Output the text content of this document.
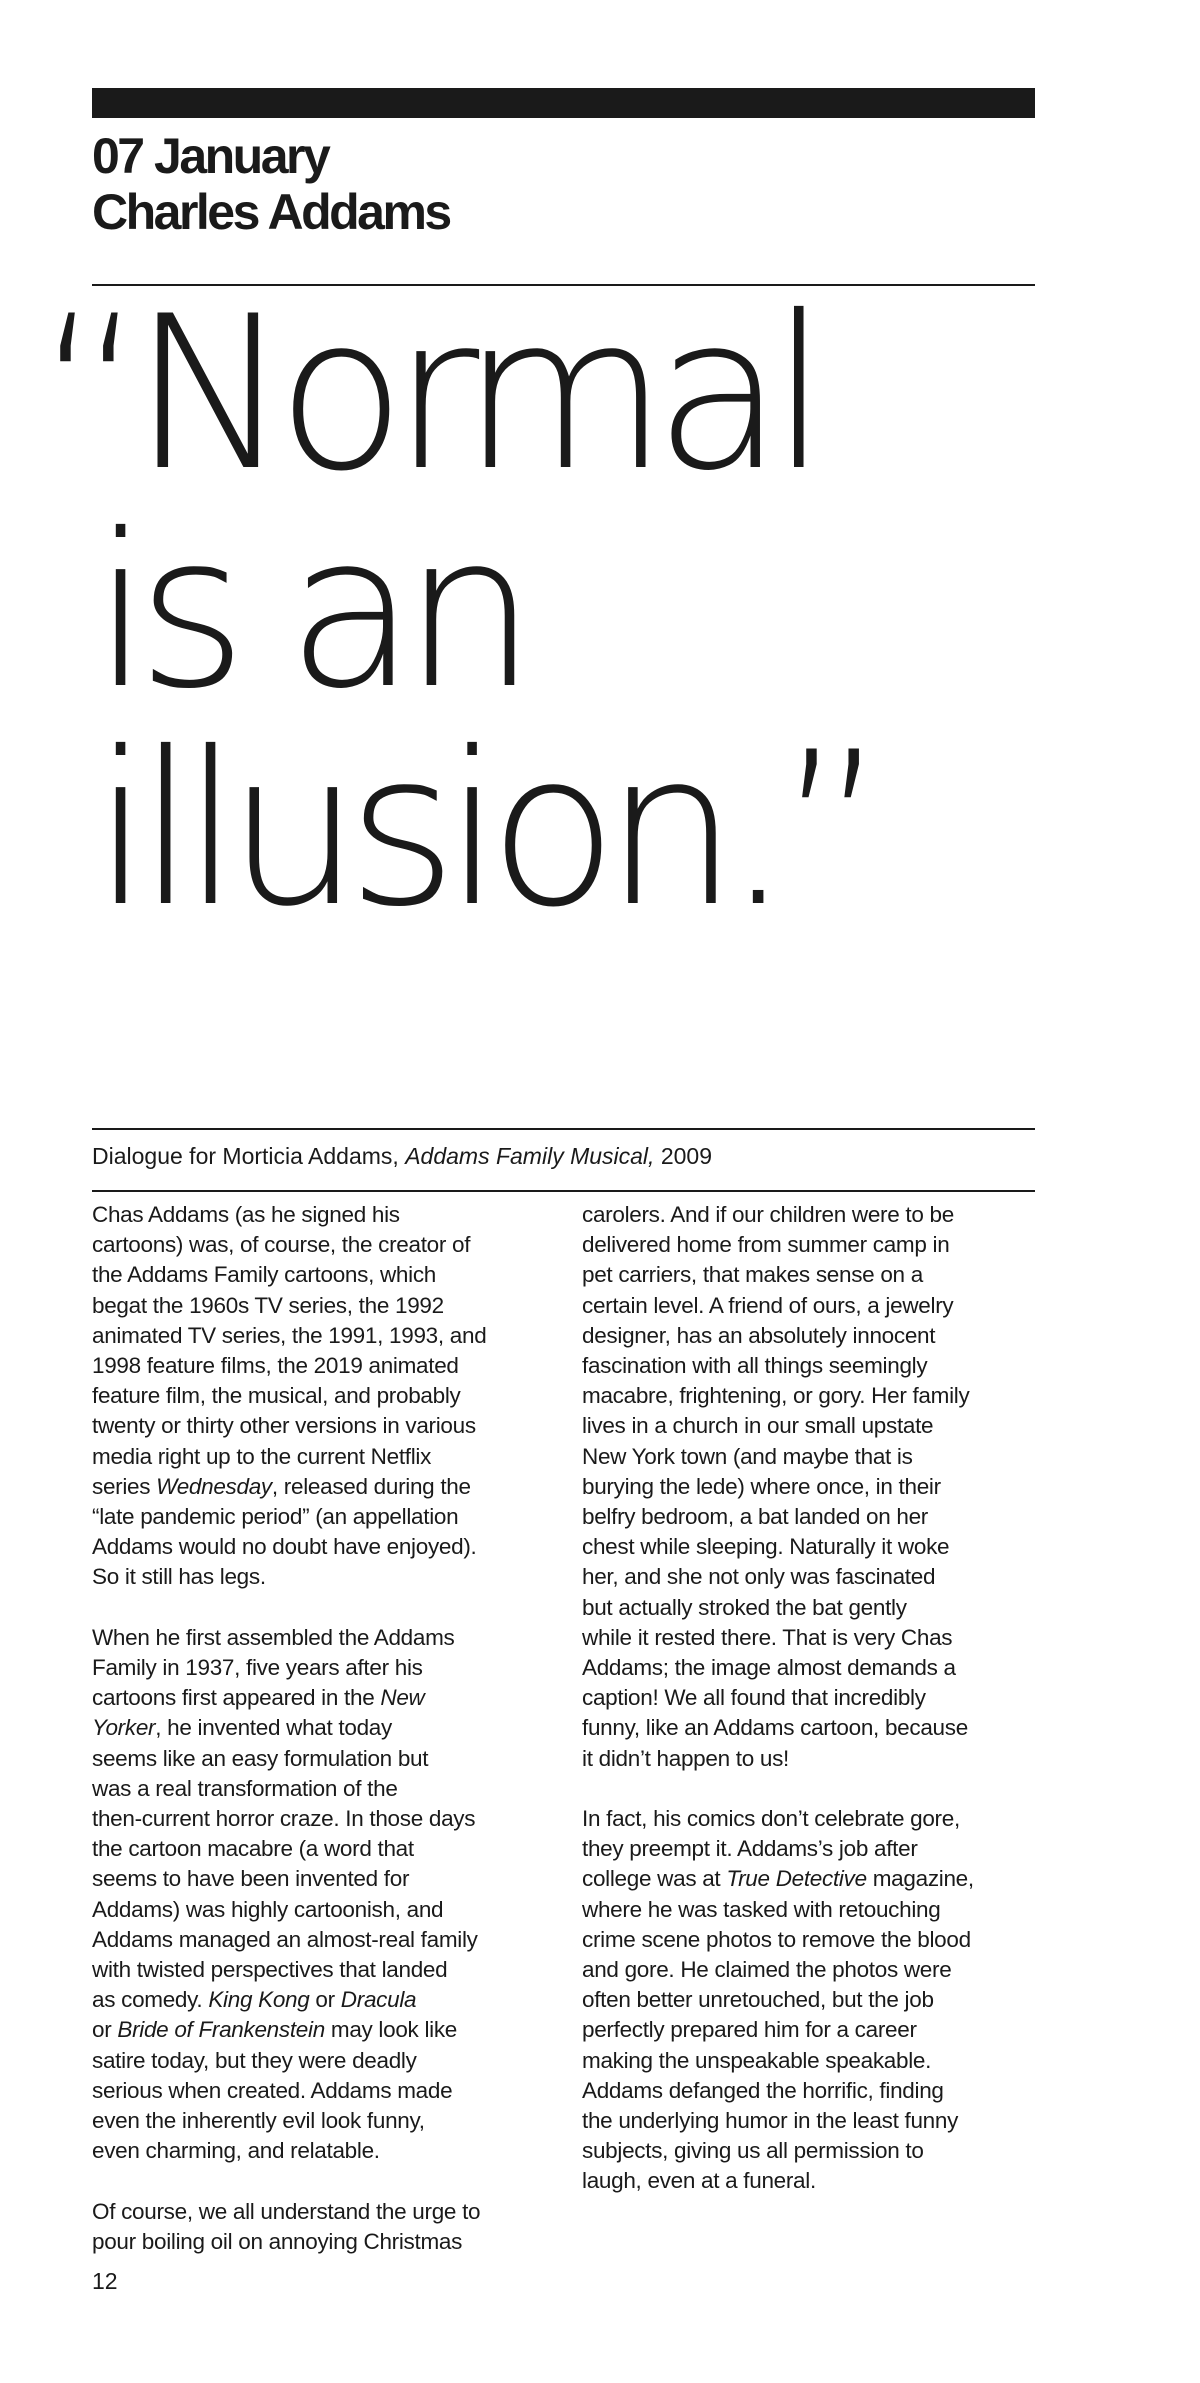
07 January
Charles Addams
“Normal
is an
illusion.”
Dialogue for Morticia Addams, Addams Family Musical, 2009

Chas Addams (as he signed his
cartoons) was, of course, the creator of
the Addams Family cartoons, which
begat the 1960s TV series, the 1992
animated TV series, the 1991, 1993, and
1998 feature films, the 2019 animated
feature film, the musical, and probably
twenty or thirty other versions in various
media right up to the current Netflix
series Wednesday, released during the
“late pandemic period” (an appellation
Addams would no doubt have enjoyed).
So it still has legs.

When he first assembled the Addams
Family in 1937, five years after his
cartoons first appeared in the New
Yorker, he invented what today
seems like an easy formulation but
was a real transformation of the
then-current horror craze. In those days
the cartoon macabre (a word that
seems to have been invented for
Addams) was highly cartoonish, and
Addams managed an almost-real family
with twisted perspectives that landed
as comedy. King Kong or Dracula
or Bride of Frankenstein may look like
satire today, but they were deadly
serious when created. Addams made
even the inherently evil look funny,
even charming, and relatable.

Of course, we all understand the urge to
pour boiling oil on annoying Christmas

carolers. And if our children were to be
delivered home from summer camp in
pet carriers, that makes sense on a
certain level. A friend of ours, a jewelry
designer, has an absolutely innocent
fascination with all things seemingly
macabre, frightening, or gory. Her family
lives in a church in our small upstate
New York town (and maybe that is
burying the lede) where once, in their
belfry bedroom, a bat landed on her
chest while sleeping. Naturally it woke
her, and she not only was fascinated
but actually stroked the bat gently
while it rested there. That is very Chas
Addams; the image almost demands a
caption! We all found that incredibly
funny, like an Addams cartoon, because
it didn’t happen to us!

In fact, his comics don’t celebrate gore,
they preempt it. Addams’s job after
college was at True Detective magazine,
where he was tasked with retouching
crime scene photos to remove the blood
and gore. He claimed the photos were
often better unretouched, but the job
perfectly prepared him for a career
making the unspeakable speakable.
Addams defanged the horrific, finding
the underlying humor in the least funny
subjects, giving us all permission to
laugh, even at a funeral.

12
